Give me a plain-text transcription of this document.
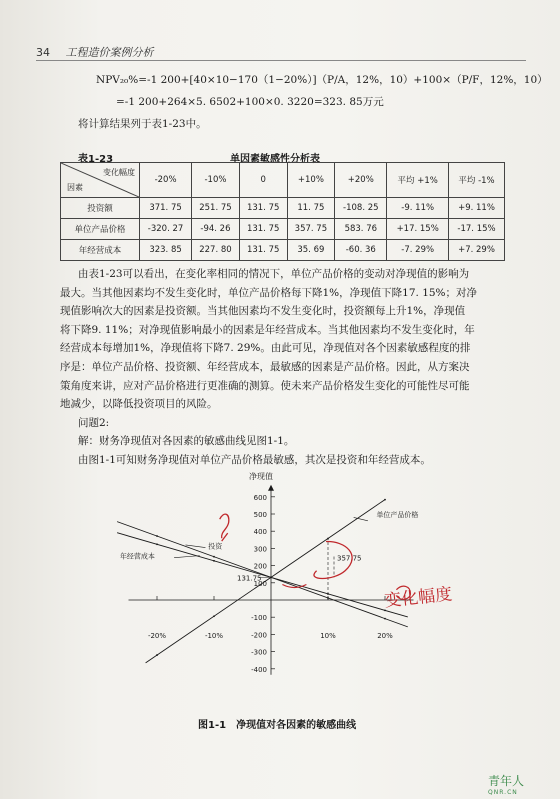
34 工程造价案例分析
NPV₂₀%=-1 200+[40×10−170（1−20%）]（P/A，12%，10）+100×（P/F，12%，10）
=-1 200+264×5. 6502+100×0. 3220=323. 85万元
将计算结果列于表1-23中。
表1-23	单因素敏感性分析表
变化幅度
因素	-20%	-10%	0	+10%	+20%	平均 +1%	平均 -1%
投资额	371. 75	251. 75	131. 75	11. 75	-108. 25	-9. 11%	+9. 11%
单位产品价格	-320. 27	-94. 26	131. 75	357. 75	583. 76	+17. 15%	-17. 15%
年经营成本	323. 85	227. 80	131. 75	35. 69	-60. 36	-7. 29%	+7. 29%
由表1-23可以看出，在变化率相同的情况下，单位产品价格的变动对净现值的影响为
最大。当其他因素均不发生变化时，单位产品价格每下降1%，净现值下降17. 15%；对净
现值影响次大的因素是投资额。当其他因素均不发生变化时，投资额每上升1%，净现值
将下降9. 11%；对净现值影响最小的因素是年经营成本。当其他因素均不发生变化时，年
经营成本每增加1%，净现值将下降7. 29%。由此可见，净现值对各个因素敏感程度的排
序是：单位产品价格、投资额、年经营成本，最敏感的因素是产品价格。因此，从方案决
策角度来讲，应对产品价格进行更准确的测算。使未来产品价格发生变化的可能性尽可能
地减少，以降低投资项目的风险。
问题2:
解：财务净现值对各因素的敏感曲线见图1-1。
由图1-1可知财务净现值对单位产品价格最敏感，其次是投资和年经营成本。
600
500
400
300
200
100
-100
-200
-300
-400
-20%	-10%	10%	20%
净现值
单位产品价格
投资
年经营成本
131.75
357.75
变化幅度
图1-1　净现值对各因素的敏感曲线
青年人
QNR.CN
